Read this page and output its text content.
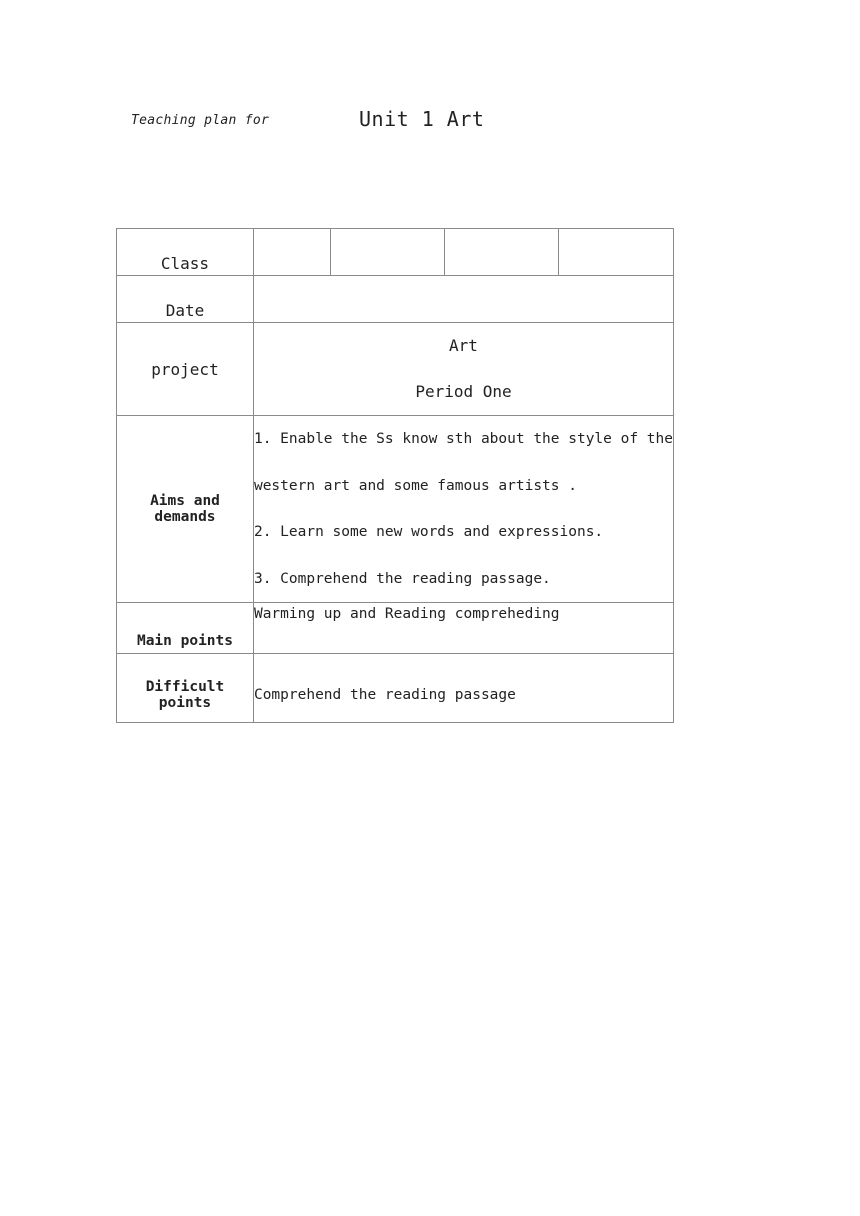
Teaching plan for	Unit 1 Art
Class				
Date				
project	Art
Period One			

Aims and demands	1. Enable the Ss know sth about the style of the
western art and some famous artists .
2. Learn some new words and expressions.
3. Comprehend the reading passage.			

Main points	Warming up and Reading compreheding			
Difficult points	Comprehend the reading passage			
